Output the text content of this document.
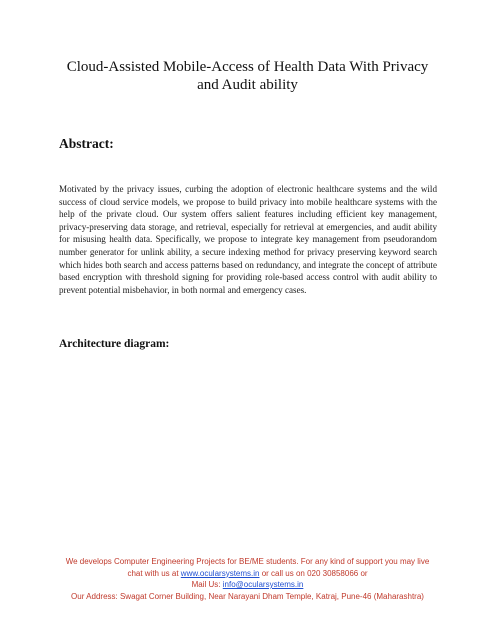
Cloud-Assisted Mobile-Access of Health Data With Privacy
and Audit ability
Abstract:
Motivated by the privacy issues, curbing the adoption of electronic healthcare systems and the wild success of cloud service models, we propose to build privacy into mobile healthcare systems with the help of the private cloud. Our system offers salient features including efficient key management, privacy-preserving data storage, and retrieval, especially for retrieval at emergencies, and audit ability for misusing health data. Specifically, we propose to integrate key management from pseudorandom number generator for unlink ability, a secure indexing method for privacy preserving keyword search which hides both search and access patterns based on redundancy, and integrate the concept of attribute based encryption with threshold signing for providing role-based access control with audit ability to prevent potential misbehavior, in both normal and emergency cases.
Architecture diagram:
We develops Computer Engineering Projects for BE/ME students. For any kind of support you may live
chat with us at www.ocularsystems.in or call us on 020 30858066 or
Mail Us: info@ocularsystems.in
Our Address: Swagat Corner Building, Near Narayani Dham Temple, Katraj, Pune-46 (Maharashtra)
